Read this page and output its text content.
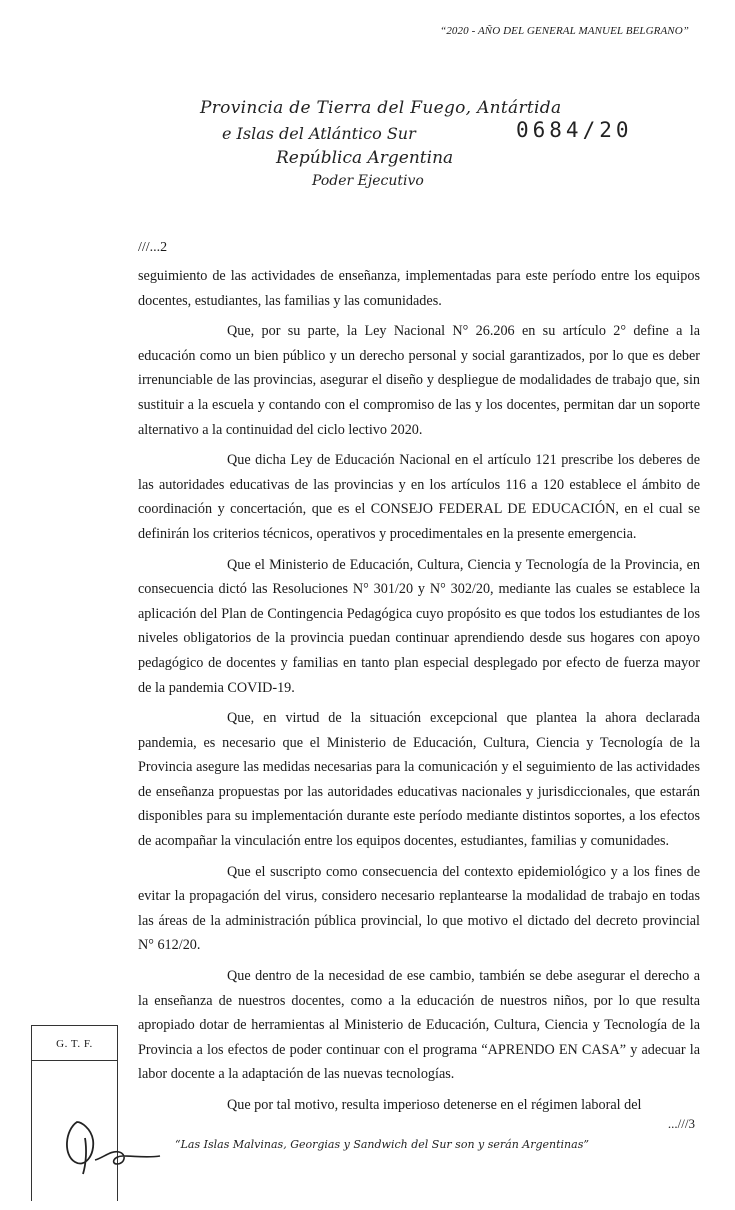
“2020 - AÑO DEL GENERAL MANUEL BELGRANO”
Provincia de Tierra del Fuego, Antártida
e Islas del Atlántico Sur
República Argentina
Poder Ejecutivo
0684/20
///...2

seguimiento de las actividades de enseñanza, implementadas para este período entre los equipos docentes, estudiantes, las familias y las comunidades.

Que, por su parte, la Ley Nacional N° 26.206 en su artículo 2° define a la educación como un bien público y un derecho personal y social garantizados, por lo que es deber irrenunciable de las provincias, asegurar el diseño y despliegue de modalidades de trabajo que, sin sustituir a la escuela y contando con el compromiso de las y los docentes, permitan dar un soporte alternativo a la continuidad del ciclo lectivo 2020.

Que dicha Ley de Educación Nacional en el artículo 121 prescribe los deberes de las autoridades educativas de las provincias y en los artículos 116 a 120 establece el ámbito de coordinación y concertación, que es el CONSEJO FEDERAL DE EDUCACIÓN, en el cual se definirán los criterios técnicos, operativos y procedimentales en la presente emergencia.

Que el Ministerio de Educación, Cultura, Ciencia y Tecnología de la Provincia, en consecuencia dictó las Resoluciones N° 301/20 y N° 302/20, mediante las cuales se establece la aplicación del Plan de Contingencia Pedagógica cuyo propósito es que todos los estudiantes de los niveles obligatorios de la provincia puedan continuar aprendiendo desde sus hogares con apoyo pedagógico de docentes y familias en tanto plan especial desplegado por efecto de fuerza mayor de la pandemia COVID-19.

Que, en virtud de la situación excepcional que plantea la ahora declarada pandemia, es necesario que el Ministerio de Educación, Cultura, Ciencia y Tecnología de la Provincia asegure las medidas necesarias para la comunicación y el seguimiento de las actividades de enseñanza propuestas por las autoridades educativas nacionales y jurisdiccionales, que estarán disponibles para su implementación durante este período mediante distintos soportes, a los efectos de acompañar la vinculación entre los equipos docentes, estudiantes, familias y comunidades.

Que el suscripto como consecuencia del contexto epidemiológico y a los fines de evitar la propagación del virus, considero necesario replantearse la modalidad de trabajo en todas las áreas de la administración pública provincial, lo que motivo el dictado del decreto provincial N° 612/20.

Que dentro de la necesidad de ese cambio, también se debe asegurar el derecho a la enseñanza de nuestros docentes, como a la educación de nuestros niños, por lo que resulta apropiado dotar de herramientas al Ministerio de Educación, Cultura, Ciencia y Tecnología de la Provincia a los efectos de poder continuar con el programa “APRENDO EN CASA” y adecuar la labor docente a la adaptación de las nuevas tecnologías.

Que por tal motivo, resulta imperioso detenerse en el régimen laboral del

...///3
G. T. F.
“Las Islas Malvinas, Georgias y Sandwich del Sur son y serán Argentinas”
